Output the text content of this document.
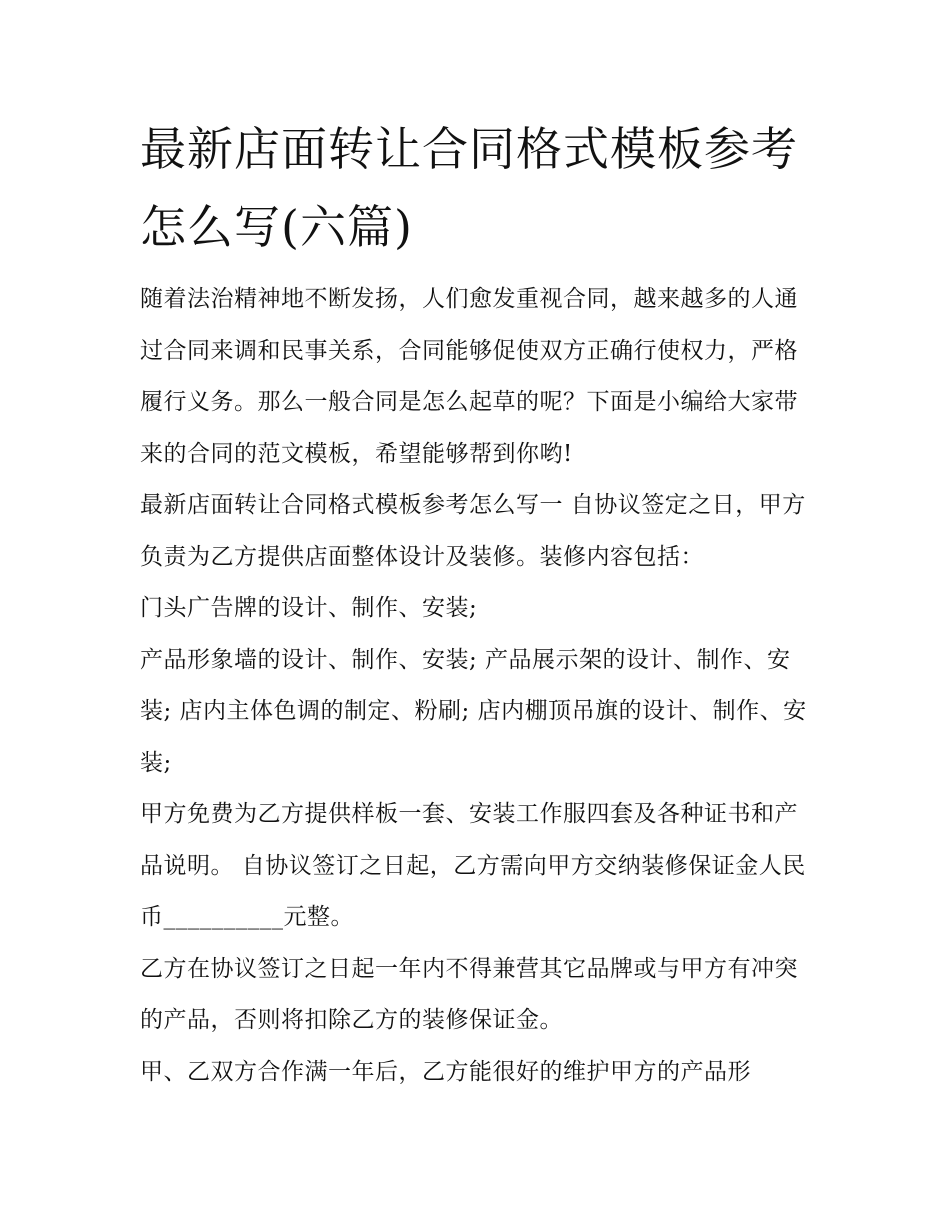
最新店面转让合同格式模板参考怎么写(六篇)

随着法治精神地不断发扬，人们愈发重视合同，越来越多的人通过合同来调和民事关系，合同能够促使双方正确行使权力，严格履行义务。那么一般合同是怎么起草的呢？下面是小编给大家带来的合同的范文模板，希望能够帮到你哟!

最新店面转让合同格式模板参考怎么写一 自协议签定之日，甲方负责为乙方提供店面整体设计及装修。装修内容包括：

门头广告牌的设计、制作、安装;

产品形象墙的设计、制作、安装; 产品展示架的设计、制作、安装; 店内主体色调的制定、粉刷; 店内棚顶吊旗的设计、制作、安装;

甲方免费为乙方提供样板一套、安装工作服四套及各种证书和产品说明。 自协议签订之日起，乙方需向甲方交纳装修保证金人民币__________元整。

乙方在协议签订之日起一年内不得兼营其它品牌或与甲方有冲突的产品，否则将扣除乙方的装修保证金。

甲、乙双方合作满一年后，乙方能很好的维护甲方的产品形
